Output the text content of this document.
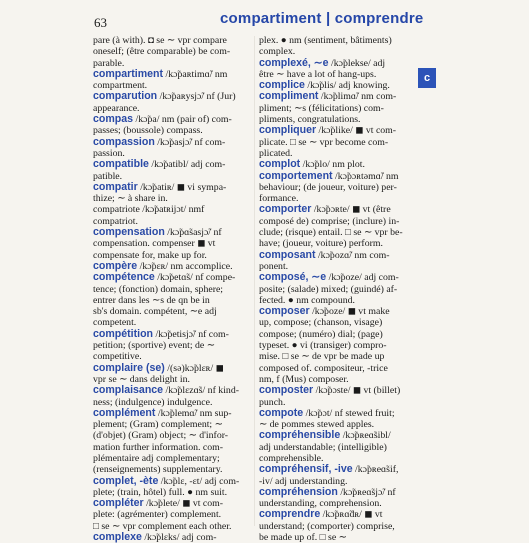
63	compartiment | comprendre
c
pare (à with). ◘ se ∼ vpr compare
oneself; (être comparable) be com-
parable.
compartiment /kɔ̃paʀtimɑ̃/ nm
compartment.
comparution /kɔ̃paʀysjɔ̃/ nf (Jur)
appearance.
compas /kɔ̃pa/ nm (pair of) com-
passes; (boussole) compass.
compassion /kɔ̃pasjɔ̃/ nf com-
passion.
compatible /kɔ̃patibl/ adj com-
patible.
compatir /kɔ̃patiʀ/ ◼ vi sympa-
thize; ∼ à share in.
compatriote /kɔ̃patʀijɔt/ nmf
compatriot.
compensation /kɔ̃pɑ̃sasjɔ̃/ nf
compensation. compenser ◼ vt
compensate for, make up for.
compère /kɔ̃pɛʀ/ nm accomplice.
compétence /kɔ̃petɑ̃s/ nf compe-
tence; (fonction) domain, sphere;
entrer dans les ∼s de qn be in
sb's domain. compétent, ∼e adj
competent.
compétition /kɔ̃petisjɔ̃/ nf com-
petition; (sportive) event; de ∼
competitive.
complaire (se) /(sə)kɔ̃plɛʀ/ ◼
vpr se ∼ dans delight in.
complaisance /kɔ̃plɛzɑ̃s/ nf kind-
ness; (indulgence) indulgence.
complément /kɔ̃plemɑ̃/ nm sup-
plement; (Gram) complement; ∼
(d'objet) (Gram) object; ∼ d'infor-
mation further information. com-
plémentaire adj complementary;
(renseignements) supplementary.
complet, -ète /kɔ̃plɛ, -ɛt/ adj com-
plete; (train, hôtel) full. ● nm suit.
compléter /kɔ̃plete/ ◼ vt com-
plete: (agrémenter) complement.
□ se ∼ vpr complement each other.
complexe /kɔ̃plɛks/ adj com-
plex. ● nm (sentiment, bâtiments)
complex.
complexé, ∼e /kɔ̃plekse/ adj
être ∼ have a lot of hang-ups.
complice /kɔ̃plis/ adj knowing.
compliment /kɔ̃plimɑ̃/ nm com-
pliment; ∼s (félicitations) com-
pliments, congratulations.
compliquer /kɔ̃plike/ ◼ vt com-
plicate. □ se ∼ vpr become com-
plicated.
complot /kɔ̃plo/ nm plot.
comportement /kɔ̃pɔʀtəmɑ̃/ nm
behaviour; (de joueur, voiture) per-
formance.
comporter /kɔ̃pɔʀte/ ◼ vt (être
composé de) comprise; (inclure) in-
clude; (risque) entail. □ se ∼ vpr be-
have; (joueur, voiture) perform.
composant /kɔ̃pozɑ̃/ nm com-
ponent.
composé, ∼e /kɔ̃poze/ adj com-
posite; (salade) mixed; (guindé) af-
fected. ● nm compound.
composer /kɔ̃poze/ ◼ vt make
up, compose; (chanson, visage)
compose; (numéro) dial; (page)
typeset. ● vi (transiger) compro-
mise. □ se ∼ de vpr be made up
composed of. compositeur, -trice
nm, f (Mus) composer.
composter /kɔ̃pɔste/ ◼ vt (billet)
punch.
compote /kɔ̃pɔt/ nf stewed fruit;
∼ de pommes stewed apples.
compréhensible /kɔ̃pʀeɑ̃sibl/
adj understandable; (intelligible)
comprehensible.
compréhensif, -ive /kɔ̃pʀeɑ̃sif,
-iv/ adj understanding.
compréhension /kɔ̃pʀeɑ̃sjɔ̃/ nf
understanding, comprehension.
comprendre /kɔ̃pʀɑ̃dʀ/ ◼ vt
understand; (comporter) comprise,
be made up of. □ se ∼
